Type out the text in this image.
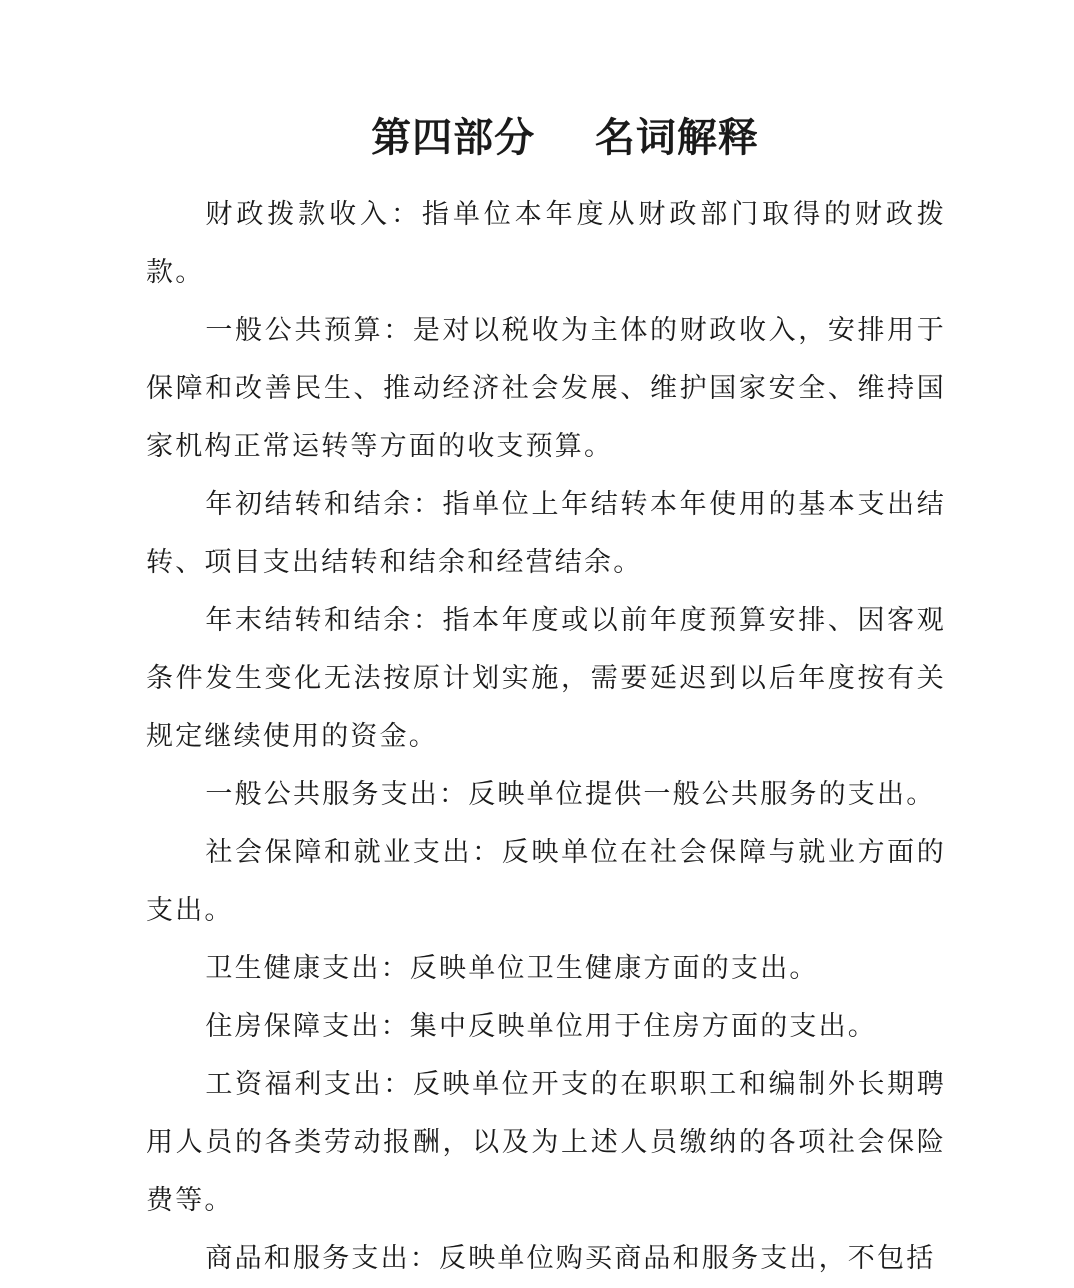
第四部分    名词解释

财政拨款收入：指单位本年度从财政部门取得的财政拨款。

一般公共预算：是对以税收为主体的财政收入，安排用于保障和改善民生、推动经济社会发展、维护国家安全、维持国家机构正常运转等方面的收支预算。

年初结转和结余：指单位上年结转本年使用的基本支出结转、项目支出结转和结余和经营结余。

年末结转和结余：指本年度或以前年度预算安排、因客观条件发生变化无法按原计划实施，需要延迟到以后年度按有关规定继续使用的资金。

一般公共服务支出：反映单位提供一般公共服务的支出。

社会保障和就业支出：反映单位在社会保障与就业方面的支出。

卫生健康支出：反映单位卫生健康方面的支出。

住房保障支出：集中反映单位用于住房方面的支出。

工资福利支出：反映单位开支的在职职工和编制外长期聘用人员的各类劳动报酬，以及为上述人员缴纳的各项社会保险费等。

商品和服务支出：反映单位购买商品和服务支出，不包括
